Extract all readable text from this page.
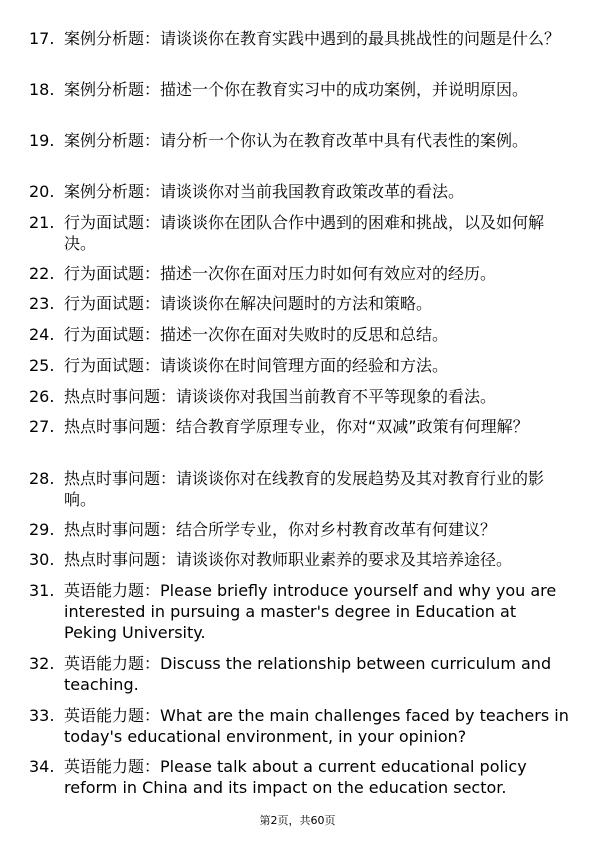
17. 案例分析题：请谈谈你在教育实践中遇到的最具挑战性的问题是什么？
18. 案例分析题：描述一个你在教育实习中的成功案例，并说明原因。
19. 案例分析题：请分析一个你认为在教育改革中具有代表性的案例。
20. 案例分析题：请谈谈你对当前我国教育政策改革的看法。
21. 行为面试题：请谈谈你在团队合作中遇到的困难和挑战，以及如何解决。
22. 行为面试题：描述一次你在面对压力时如何有效应对的经历。
23. 行为面试题：请谈谈你在解决问题时的方法和策略。
24. 行为面试题：描述一次你在面对失败时的反思和总结。
25. 行为面试题：请谈谈你在时间管理方面的经验和方法。
26. 热点时事问题：请谈谈你对我国当前教育不平等现象的看法。
27. 热点时事问题：结合教育学原理专业，你对“双减”政策有何理解？
28. 热点时事问题：请谈谈你对在线教育的发展趋势及其对教育行业的影响。
29. 热点时事问题：结合所学专业，你对乡村教育改革有何建议？
30. 热点时事问题：请谈谈你对教师职业素养的要求及其培养途径。
31. 英语能力题：Please briefly introduce yourself and why you are interested in pursuing a master's degree in Education at Peking University.
32. 英语能力题：Discuss the relationship between curriculum and teaching.
33. 英语能力题：What are the main challenges faced by teachers in today's educational environment, in your opinion?
34. 英语能力题：Please talk about a current educational policy reform in China and its impact on the education sector.
第2页，共60页
